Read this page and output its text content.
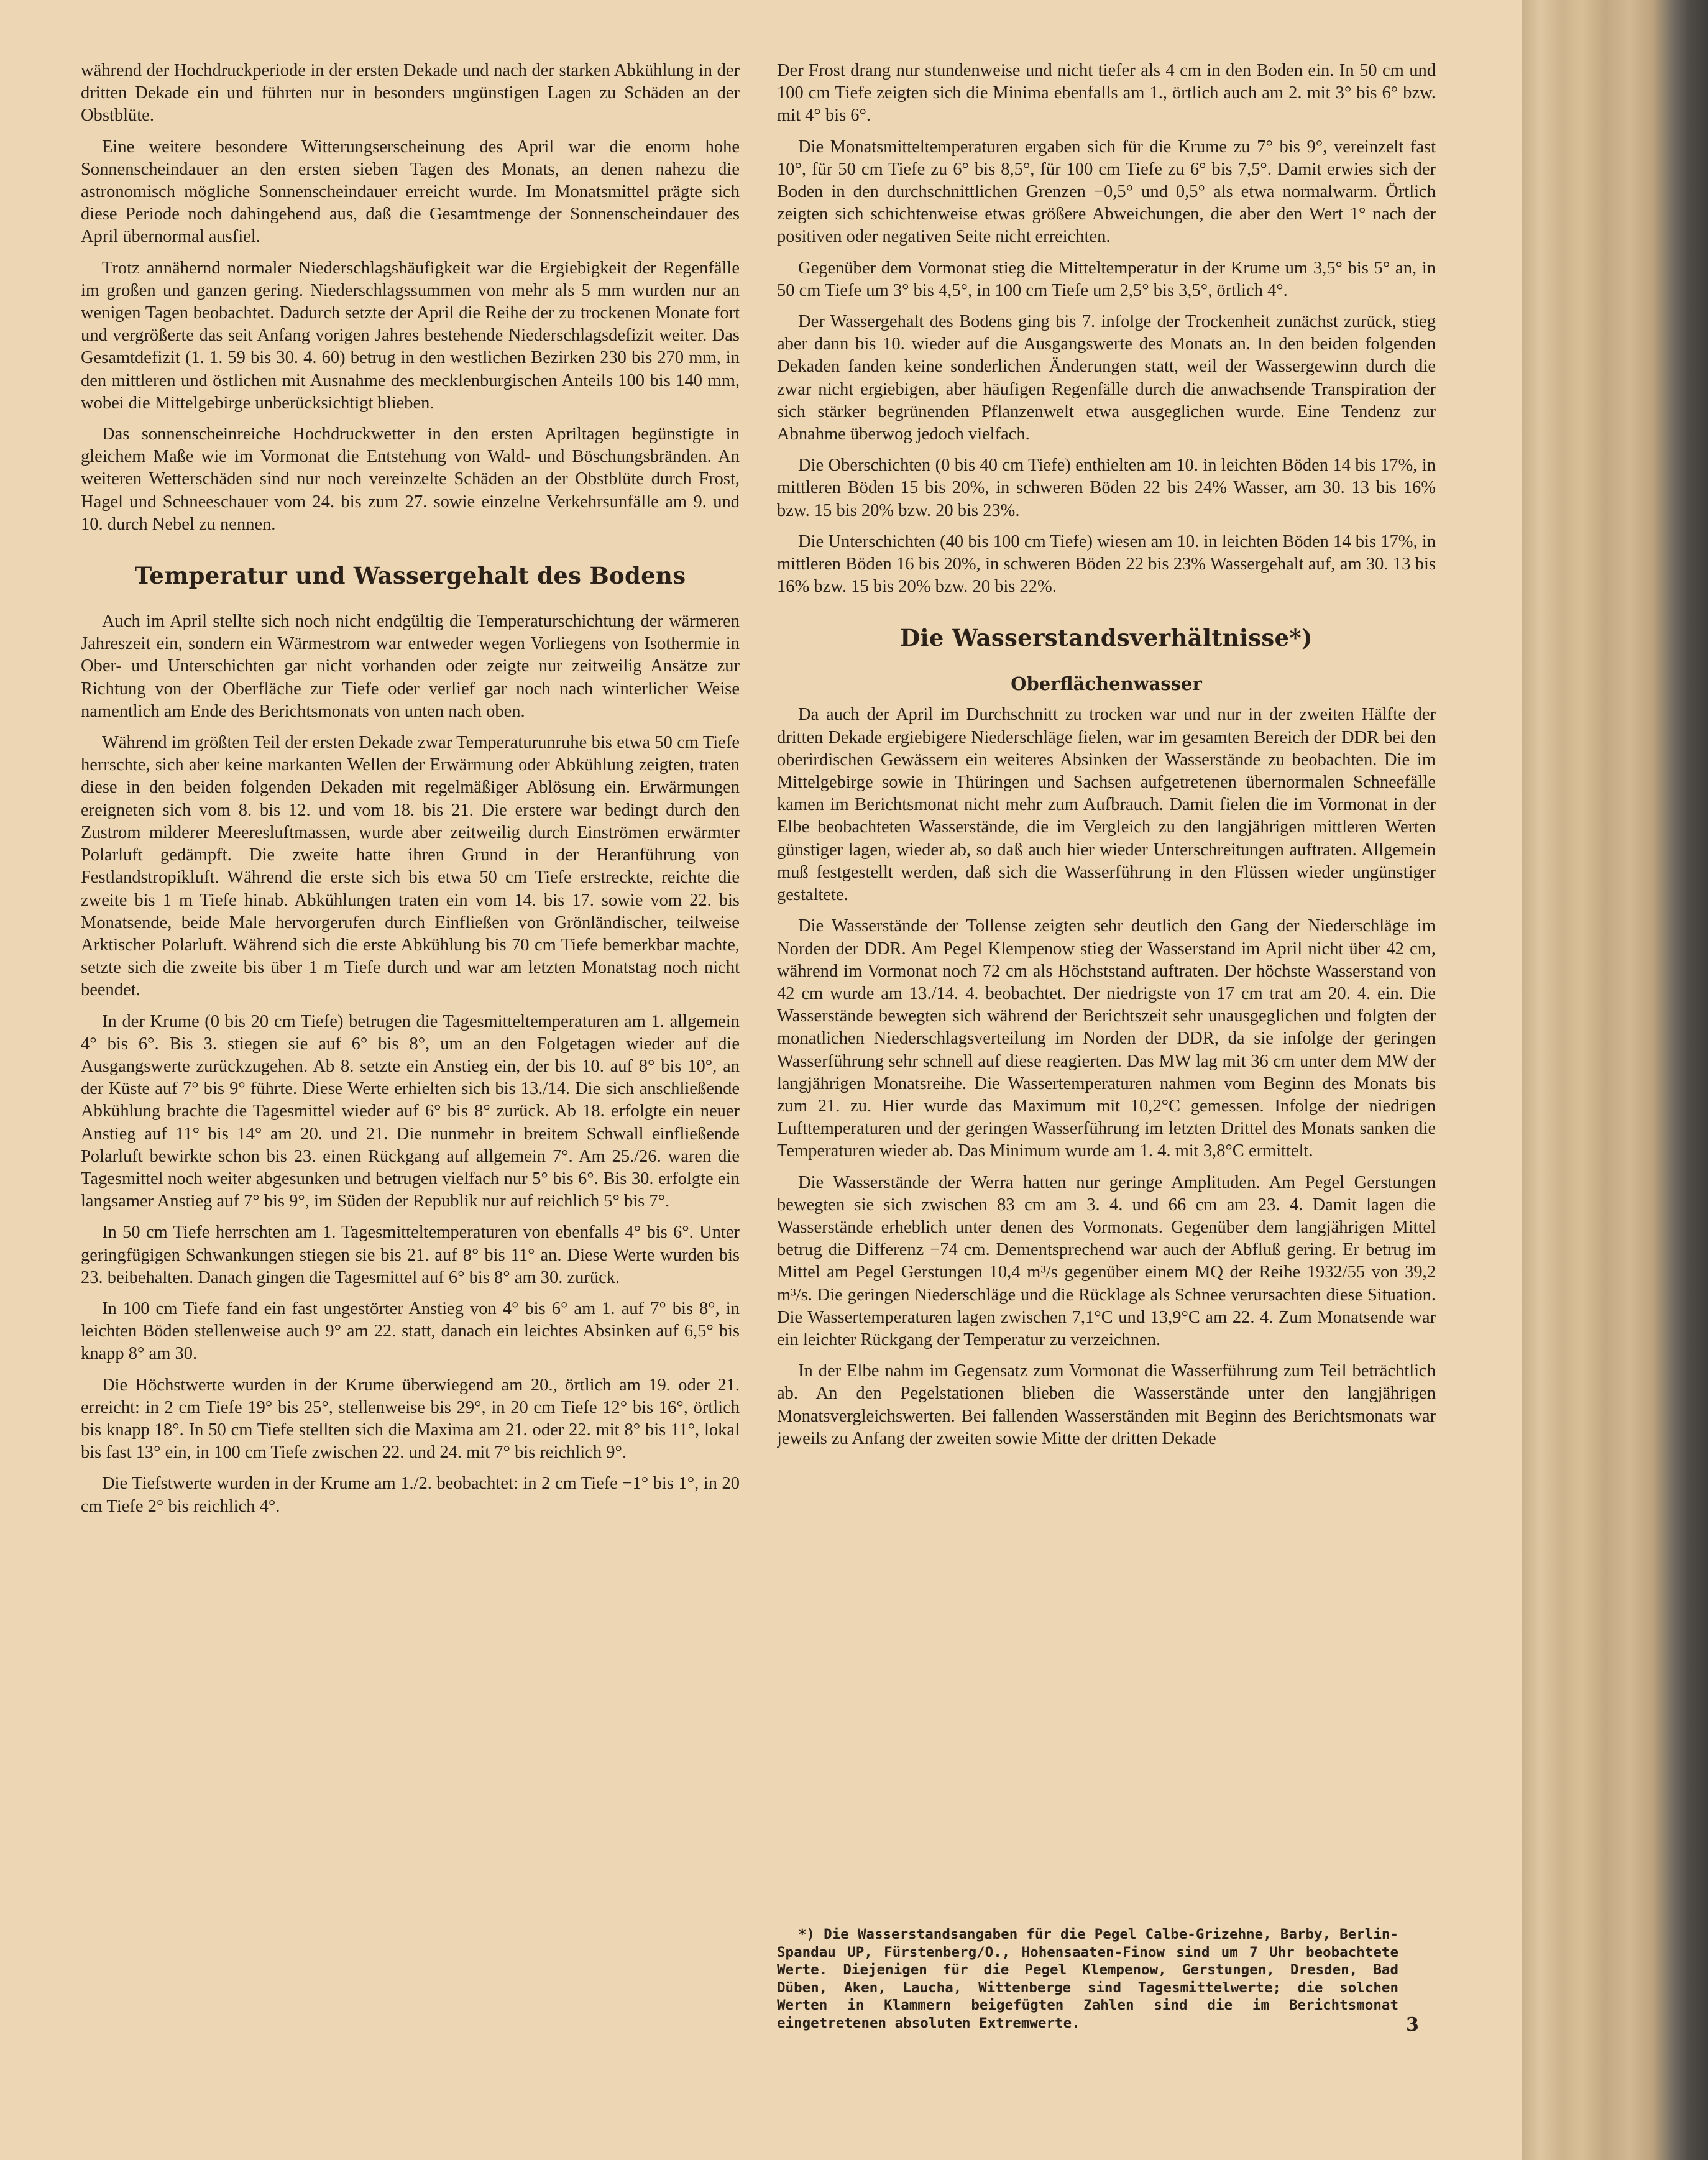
während der Hochdruckperiode in der ersten Dekade und nach der starken Abkühlung in der dritten Dekade ein und führten nur in besonders ungünstigen Lagen zu Schäden an der Obstblüte.

Eine weitere besondere Witterungserscheinung des April war die enorm hohe Sonnenscheindauer an den ersten sieben Tagen des Monats, an denen nahezu die astronomisch mögliche Sonnenscheindauer erreicht wurde. Im Monatsmittel prägte sich diese Periode noch dahingehend aus, daß die Gesamtmenge der Sonnenscheindauer des April übernormal ausfiel.

Trotz annähernd normaler Niederschlagshäufigkeit war die Ergiebigkeit der Regenfälle im großen und ganzen gering. Niederschlagssummen von mehr als 5 mm wurden nur an wenigen Tagen beobachtet. Dadurch setzte der April die Reihe der zu trockenen Monate fort und vergrößerte das seit Anfang vorigen Jahres bestehende Niederschlagsdefizit weiter. Das Gesamtdefizit (1. 1. 59 bis 30. 4. 60) betrug in den westlichen Bezirken 230 bis 270 mm, in den mittleren und östlichen mit Ausnahme des mecklenburgischen Anteils 100 bis 140 mm, wobei die Mittelgebirge unberücksichtigt blieben.

Das sonnenscheinreiche Hochdruckwetter in den ersten Apriltagen begünstigte in gleichem Maße wie im Vormonat die Entstehung von Wald- und Böschungsbränden. An weiteren Wetterschäden sind nur noch vereinzelte Schäden an der Obstblüte durch Frost, Hagel und Schneeschauer vom 24. bis zum 27. sowie einzelne Verkehrsunfälle am 9. und 10. durch Nebel zu nennen.

Temperatur und Wassergehalt des Bodens

Auch im April stellte sich noch nicht endgültig die Temperaturschichtung der wärmeren Jahreszeit ein, sondern ein Wärmestrom war entweder wegen Vorliegens von Isothermie in Ober- und Unterschichten gar nicht vorhanden oder zeigte nur zeitweilig Ansätze zur Richtung von der Oberfläche zur Tiefe oder verlief gar noch nach winterlicher Weise namentlich am Ende des Berichtsmonats von unten nach oben.

Während im größten Teil der ersten Dekade zwar Temperaturunruhe bis etwa 50 cm Tiefe herrschte, sich aber keine markanten Wellen der Erwärmung oder Abkühlung zeigten, traten diese in den beiden folgenden Dekaden mit regelmäßiger Ablösung ein. Erwärmungen ereigneten sich vom 8. bis 12. und vom 18. bis 21. Die erstere war bedingt durch den Zustrom milderer Meeresluftmassen, wurde aber zeitweilig durch Einströmen erwärmter Polarluft gedämpft. Die zweite hatte ihren Grund in der Heranführung von Festlandstropikluft. Während die erste sich bis etwa 50 cm Tiefe erstreckte, reichte die zweite bis 1 m Tiefe hinab. Abkühlungen traten ein vom 14. bis 17. sowie vom 22. bis Monatsende, beide Male hervorgerufen durch Einfließen von Grönländischer, teilweise Arktischer Polarluft. Während sich die erste Abkühlung bis 70 cm Tiefe bemerkbar machte, setzte sich die zweite bis über 1 m Tiefe durch und war am letzten Monatstag noch nicht beendet.

In der Krume (0 bis 20 cm Tiefe) betrugen die Tagesmitteltemperaturen am 1. allgemein 4° bis 6°. Bis 3. stiegen sie auf 6° bis 8°, um an den Folgetagen wieder auf die Ausgangswerte zurückzugehen. Ab 8. setzte ein Anstieg ein, der bis 10. auf 8° bis 10°, an der Küste auf 7° bis 9° führte. Diese Werte erhielten sich bis 13./14. Die sich anschließende Abkühlung brachte die Tagesmittel wieder auf 6° bis 8° zurück. Ab 18. erfolgte ein neuer Anstieg auf 11° bis 14° am 20. und 21. Die nunmehr in breitem Schwall einfließende Polarluft bewirkte schon bis 23. einen Rückgang auf allgemein 7°. Am 25./26. waren die Tagesmittel noch weiter abgesunken und betrugen vielfach nur 5° bis 6°. Bis 30. erfolgte ein langsamer Anstieg auf 7° bis 9°, im Süden der Republik nur auf reichlich 5° bis 7°.

In 50 cm Tiefe herrschten am 1. Tagesmitteltemperaturen von ebenfalls 4° bis 6°. Unter geringfügigen Schwankungen stiegen sie bis 21. auf 8° bis 11° an. Diese Werte wurden bis 23. beibehalten. Danach gingen die Tagesmittel auf 6° bis 8° am 30. zurück.

In 100 cm Tiefe fand ein fast ungestörter Anstieg von 4° bis 6° am 1. auf 7° bis 8°, in leichten Böden stellenweise auch 9° am 22. statt, danach ein leichtes Absinken auf 6,5° bis knapp 8° am 30.

Die Höchstwerte wurden in der Krume überwiegend am 20., örtlich am 19. oder 21. erreicht: in 2 cm Tiefe 19° bis 25°, stellenweise bis 29°, in 20 cm Tiefe 12° bis 16°, örtlich bis knapp 18°. In 50 cm Tiefe stellten sich die Maxima am 21. oder 22. mit 8° bis 11°, lokal bis fast 13° ein, in 100 cm Tiefe zwischen 22. und 24. mit 7° bis reichlich 9°.

Die Tiefstwerte wurden in der Krume am 1./2. beobachtet: in 2 cm Tiefe −1° bis 1°, in 20 cm Tiefe 2° bis reichlich 4°.

Der Frost drang nur stundenweise und nicht tiefer als 4 cm in den Boden ein. In 50 cm und 100 cm Tiefe zeigten sich die Minima ebenfalls am 1., örtlich auch am 2. mit 3° bis 6° bzw. mit 4° bis 6°.

Die Monatsmitteltemperaturen ergaben sich für die Krume zu 7° bis 9°, vereinzelt fast 10°, für 50 cm Tiefe zu 6° bis 8,5°, für 100 cm Tiefe zu 6° bis 7,5°. Damit erwies sich der Boden in den durchschnittlichen Grenzen −0,5° und 0,5° als etwa normalwarm. Örtlich zeigten sich schichtenweise etwas größere Abweichungen, die aber den Wert 1° nach der positiven oder negativen Seite nicht erreichten.

Gegenüber dem Vormonat stieg die Mitteltemperatur in der Krume um 3,5° bis 5° an, in 50 cm Tiefe um 3° bis 4,5°, in 100 cm Tiefe um 2,5° bis 3,5°, örtlich 4°.

Der Wassergehalt des Bodens ging bis 7. infolge der Trockenheit zunächst zurück, stieg aber dann bis 10. wieder auf die Ausgangswerte des Monats an. In den beiden folgenden Dekaden fanden keine sonderlichen Änderungen statt, weil der Wassergewinn durch die zwar nicht ergiebigen, aber häufigen Regenfälle durch die anwachsende Transpiration der sich stärker begrünenden Pflanzenwelt etwa ausgeglichen wurde. Eine Tendenz zur Abnahme überwog jedoch vielfach.

Die Oberschichten (0 bis 40 cm Tiefe) enthielten am 10. in leichten Böden 14 bis 17%, in mittleren Böden 15 bis 20%, in schweren Böden 22 bis 24% Wasser, am 30. 13 bis 16% bzw. 15 bis 20% bzw. 20 bis 23%.

Die Unterschichten (40 bis 100 cm Tiefe) wiesen am 10. in leichten Böden 14 bis 17%, in mittleren Böden 16 bis 20%, in schweren Böden 22 bis 23% Wassergehalt auf, am 30. 13 bis 16% bzw. 15 bis 20% bzw. 20 bis 22%.

Die Wasserstandsverhältnisse*)
Oberflächenwasser

Da auch der April im Durchschnitt zu trocken war und nur in der zweiten Hälfte der dritten Dekade ergiebigere Niederschläge fielen, war im gesamten Bereich der DDR bei den oberirdischen Gewässern ein weiteres Absinken der Wasserstände zu beobachten. Die im Mittelgebirge sowie in Thüringen und Sachsen aufgetretenen übernormalen Schneefälle kamen im Berichtsmonat nicht mehr zum Aufbrauch. Damit fielen die im Vormonat in der Elbe beobachteten Wasserstände, die im Vergleich zu den langjährigen mittleren Werten günstiger lagen, wieder ab, so daß auch hier wieder Unterschreitungen auftraten. Allgemein muß festgestellt werden, daß sich die Wasserführung in den Flüssen wieder ungünstiger gestaltete.

Die Wasserstände der Tollense zeigten sehr deutlich den Gang der Niederschläge im Norden der DDR. Am Pegel Klempenow stieg der Wasserstand im April nicht über 42 cm, während im Vormonat noch 72 cm als Höchststand auftraten. Der höchste Wasserstand von 42 cm wurde am 13./14. 4. beobachtet. Der niedrigste von 17 cm trat am 20. 4. ein. Die Wasserstände bewegten sich während der Berichtszeit sehr unausgeglichen und folgten der monatlichen Niederschlagsverteilung im Norden der DDR, da sie infolge der geringen Wasserführung sehr schnell auf diese reagierten. Das MW lag mit 36 cm unter dem MW der langjährigen Monatsreihe. Die Wassertemperaturen nahmen vom Beginn des Monats bis zum 21. zu. Hier wurde das Maximum mit 10,2°C gemessen. Infolge der niedrigen Lufttemperaturen und der geringen Wasserführung im letzten Drittel des Monats sanken die Temperaturen wieder ab. Das Minimum wurde am 1. 4. mit 3,8°C ermittelt.

Die Wasserstände der Werra hatten nur geringe Amplituden. Am Pegel Gerstungen bewegten sie sich zwischen 83 cm am 3. 4. und 66 cm am 23. 4. Damit lagen die Wasserstände erheblich unter denen des Vormonats. Gegenüber dem langjährigen Mittel betrug die Differenz −74 cm. Dementsprechend war auch der Abfluß gering. Er betrug im Mittel am Pegel Gerstungen 10,4 m³/s gegenüber einem MQ der Reihe 1932/55 von 39,2 m³/s. Die geringen Niederschläge und die Rücklage als Schnee verursachten diese Situation. Die Wassertemperaturen lagen zwischen 7,1°C und 13,9°C am 22. 4. Zum Monatsende war ein leichter Rückgang der Temperatur zu verzeichnen.

In der Elbe nahm im Gegensatz zum Vormonat die Wasserführung zum Teil beträchtlich ab. An den Pegelstationen blieben die Wasserstände unter den langjährigen Monatsvergleichswerten. Bei fallenden Wasserständen mit Beginn des Berichtsmonats war jeweils zu Anfang der zweiten sowie Mitte der dritten Dekade

*) Die Wasserstandsangaben für die Pegel Calbe-Grizehne, Barby, Berlin-Spandau UP, Fürstenberg/O., Hohensaaten-Finow sind um 7 Uhr beobachtete Werte. Diejenigen für die Pegel Klempenow, Gerstungen, Dresden, Bad Düben, Aken, Laucha, Wittenberge sind Tagesmittelwerte; die solchen Werten in Klammern beigefügten Zahlen sind die im Berichtsmonat eingetretenen absoluten Extremwerte.	3
